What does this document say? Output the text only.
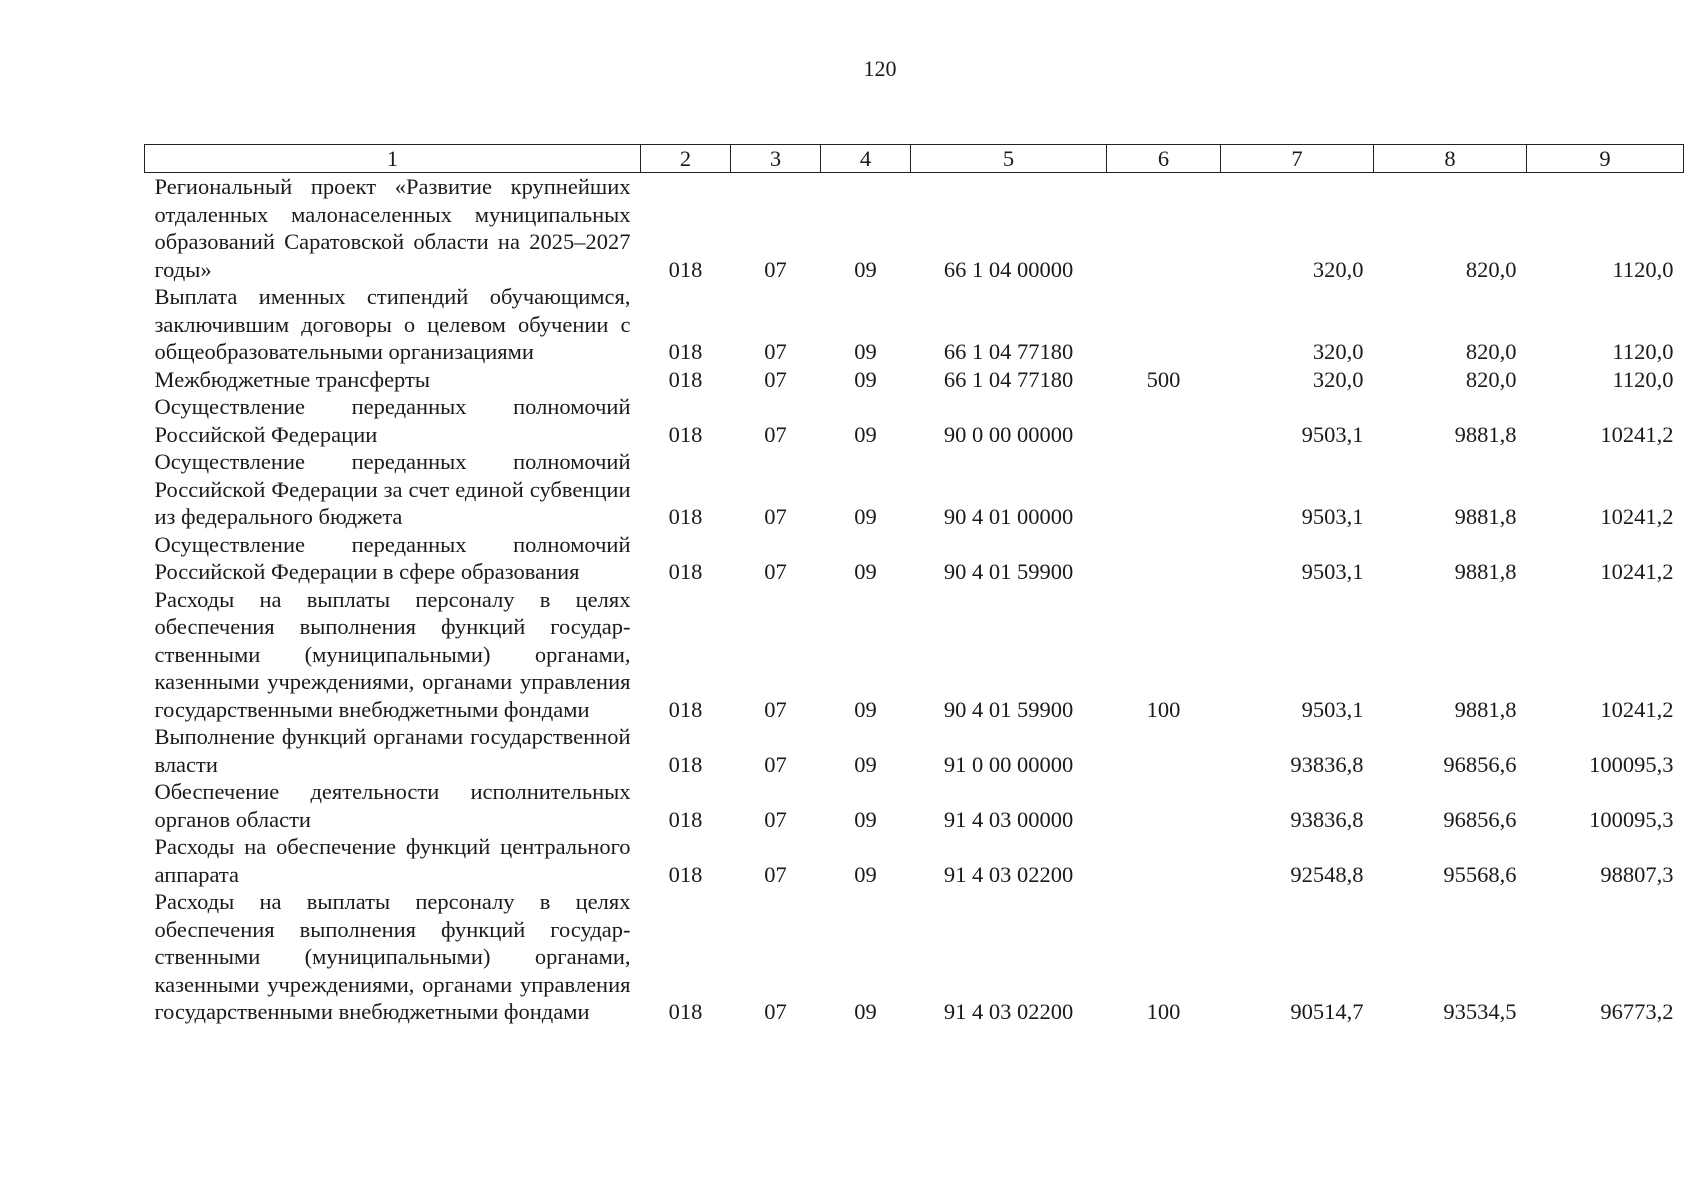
120
1	2	3	4	5	6	7	8	9
Региональный проект «Развитие крупнейших отдаленных малонаселенных муниципальных образований Саратовской области на 2025–2027 годы»	018	07	09	66 1 04 00000		320,0	820,0	1120,0
Выплата именных стипендий обучающимся, заключившим договоры о целевом обучении с общеобразовательными организациями	018	07	09	66 1 04 77180		320,0	820,0	1120,0
Межбюджетные трансферты	018	07	09	66 1 04 77180	500	320,0	820,0	1120,0
Осуществление переданных полномочий Российской Федерации	018	07	09	90 0 00 00000		9503,1	9881,8	10241,2
Осуществление переданных полномочий Российской Федерации за счет единой субвенции из федерального бюджета	018	07	09	90 4 01 00000		9503,1	9881,8	10241,2
Осуществление переданных полномочий Российской Федерации в сфере образования	018	07	09	90 4 01 59900		9503,1	9881,8	10241,2
Расходы на выплаты персоналу в целях обеспечения выполнения функций государственными (муниципальными) органами, казенными учреждениями, органами управления государственными внебюджетными фондами	018	07	09	90 4 01 59900	100	9503,1	9881,8	10241,2
Выполнение функций органами государственной власти	018	07	09	91 0 00 00000		93836,8	96856,6	100095,3
Обеспечение деятельности исполнительных органов области	018	07	09	91 4 03 00000		93836,8	96856,6	100095,3
Расходы на обеспечение функций центрального аппарата	018	07	09	91 4 03 02200		92548,8	95568,6	98807,3
Расходы на выплаты персоналу в целях обеспечения выполнения функций государственными (муниципальными) органами, казенными учреждениями, органами управления государственными внебюджетными фондами	018	07	09	91 4 03 02200	100	90514,7	93534,5	96773,2
